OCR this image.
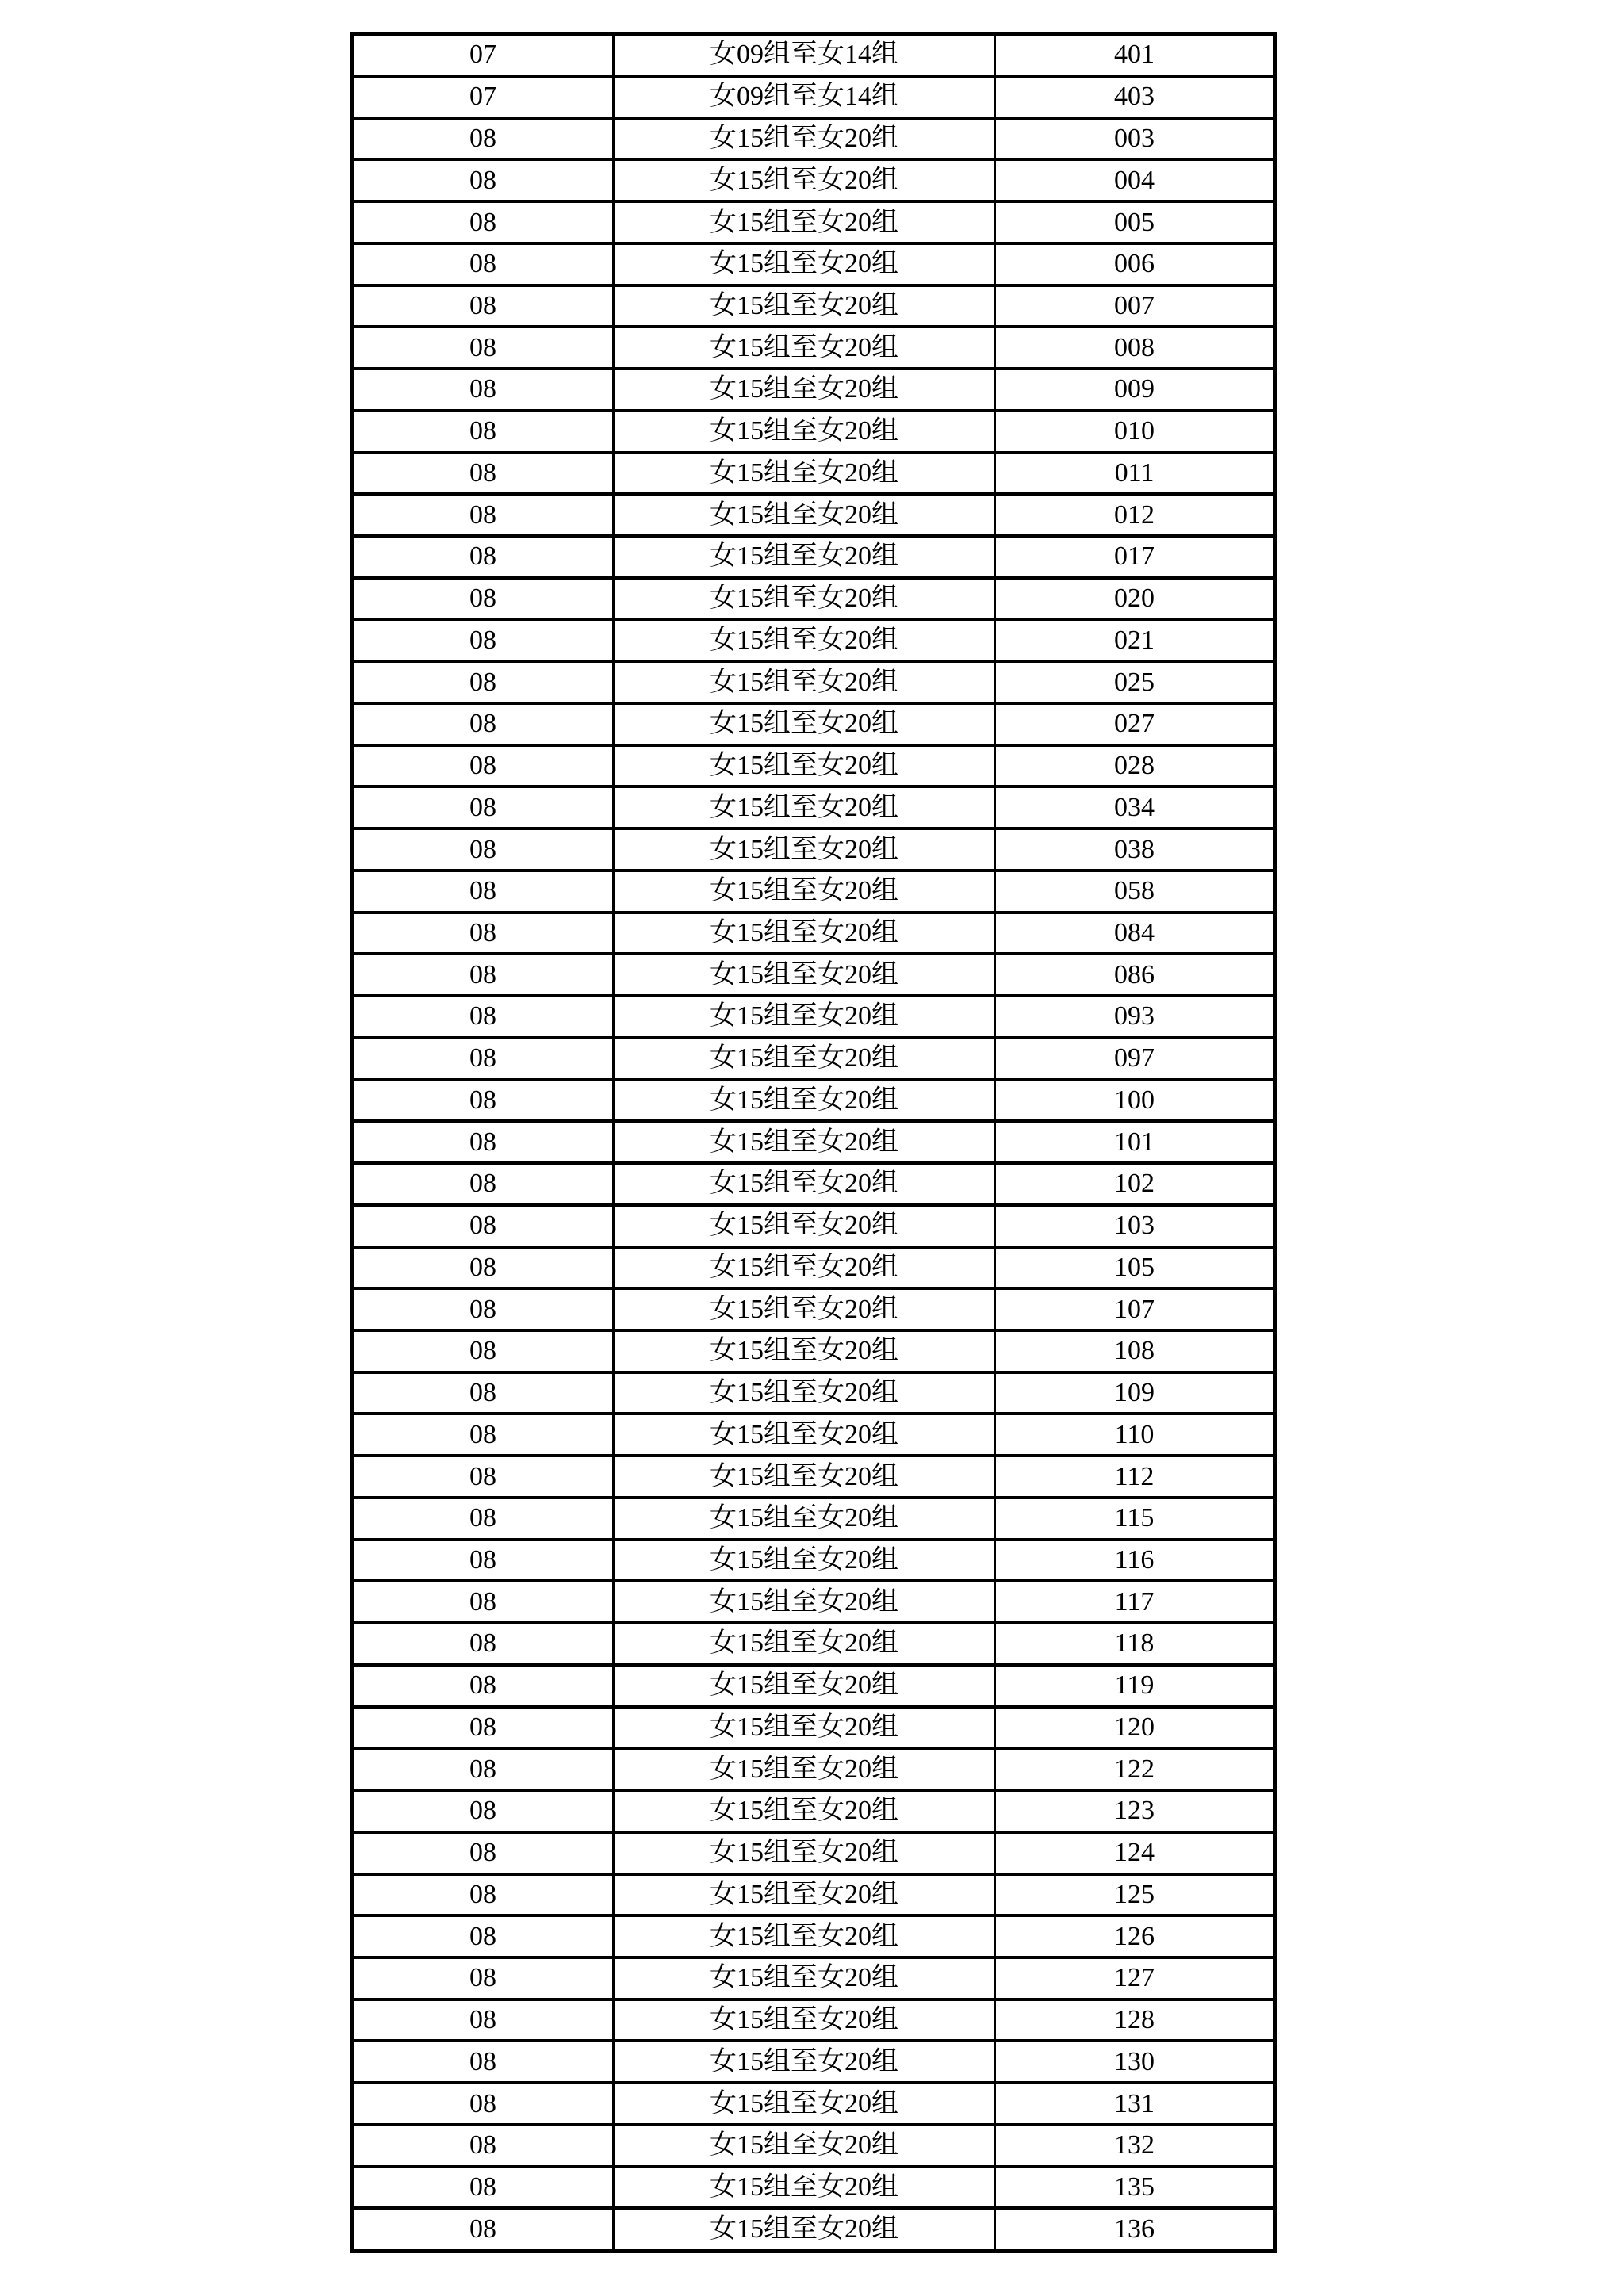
07	女09组至女14组	401
07	女09组至女14组	403
08	女15组至女20组	003
08	女15组至女20组	004
08	女15组至女20组	005
08	女15组至女20组	006
08	女15组至女20组	007
08	女15组至女20组	008
08	女15组至女20组	009
08	女15组至女20组	010
08	女15组至女20组	011
08	女15组至女20组	012
08	女15组至女20组	017
08	女15组至女20组	020
08	女15组至女20组	021
08	女15组至女20组	025
08	女15组至女20组	027
08	女15组至女20组	028
08	女15组至女20组	034
08	女15组至女20组	038
08	女15组至女20组	058
08	女15组至女20组	084
08	女15组至女20组	086
08	女15组至女20组	093
08	女15组至女20组	097
08	女15组至女20组	100
08	女15组至女20组	101
08	女15组至女20组	102
08	女15组至女20组	103
08	女15组至女20组	105
08	女15组至女20组	107
08	女15组至女20组	108
08	女15组至女20组	109
08	女15组至女20组	110
08	女15组至女20组	112
08	女15组至女20组	115
08	女15组至女20组	116
08	女15组至女20组	117
08	女15组至女20组	118
08	女15组至女20组	119
08	女15组至女20组	120
08	女15组至女20组	122
08	女15组至女20组	123
08	女15组至女20组	124
08	女15组至女20组	125
08	女15组至女20组	126
08	女15组至女20组	127
08	女15组至女20组	128
08	女15组至女20组	130
08	女15组至女20组	131
08	女15组至女20组	132
08	女15组至女20组	135
08	女15组至女20组	136
